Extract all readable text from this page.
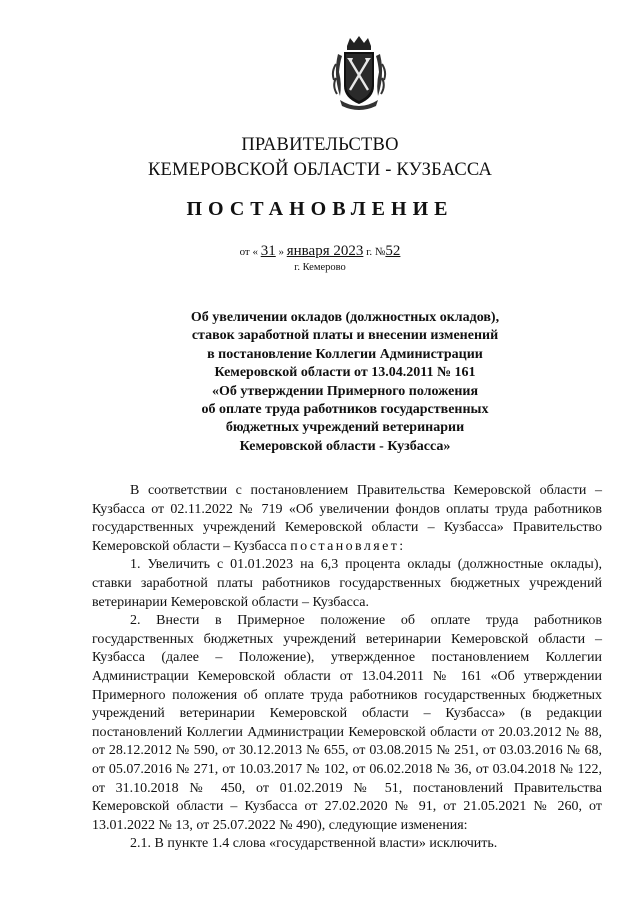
ПРАВИТЕЛЬСТВО
КЕМЕРОВСКОЙ ОБЛАСТИ - КУЗБАССА
ПОСТАНОВЛЕНИЕ
от « 31 » января 2023 г. №52
г. Кемерово
Об увеличении окладов (должностных окладов),
ставок заработной платы и внесении изменений
в постановление Коллегии Администрации
Кемеровской области от 13.04.2011 № 161
«Об утверждении Примерного положения
об оплате труда работников государственных
бюджетных учреждений ветеринарии
Кемеровской области - Кузбасса»

В соответствии с постановлением Правительства Кемеровской области – Кузбасса от 02.11.2022 № 719 «Об увеличении фондов оплаты труда работников государственных учреждений Кемеровской области – Кузбасса» Правительство Кемеровской области – Кузбасса постановляет:

1. Увеличить с 01.01.2023 на 6,3 процента оклады (должностные оклады), ставки заработной платы работников государственных бюджетных учреждений ветеринарии Кемеровской области – Кузбасса.

2. Внести в Примерное положение об оплате труда работников государственных бюджетных учреждений ветеринарии Кемеровской области – Кузбасса (далее – Положение), утвержденное постановлением Коллегии Администрации Кемеровской области от 13.04.2011 № 161 «Об утверждении Примерного положения об оплате труда работников государственных бюджетных учреждений ветеринарии Кемеровской области – Кузбасса» (в редакции постановлений Коллегии Администрации Кемеровской области от 20.03.2012 № 88, от 28.12.2012 № 590, от 30.12.2013 № 655, от 03.08.2015 № 251, от 03.03.2016 № 68, от 05.07.2016 № 271, от 10.03.2017 № 102, от 06.02.2018 № 36, от 03.04.2018 № 122, от 31.10.2018 № 450, от 01.02.2019 № 51, постановлений Правительства Кемеровской области – Кузбасса от 27.02.2020 № 91, от 21.05.2021 № 260, от 13.01.2022 № 13, от 25.07.2022 № 490), следующие изменения:

2.1. В пункте 1.4 слова «государственной власти» исключить.
